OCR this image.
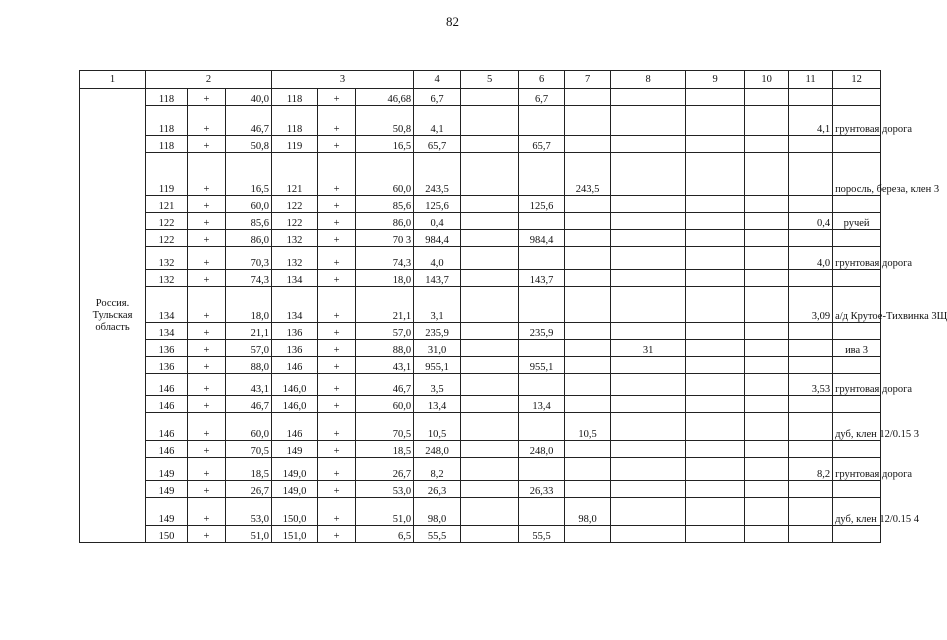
82
1	2			3			4	5	6	7	8	9	10	11	12
Россия. Тульская область	118	+	40,0	118	+	46,68	6,7		6,7						
	118	+	46,7	118	+	50,8	4,1							4,1	грунтовая дорога
	118	+	50,8	119	+	16,5	65,7		65,7						
	119	+	16,5	121	+	60,0	243,5			243,5					поросль, береза, клен 3
	121	+	60,0	122	+	85,6	125,6		125,6						
	122	+	85,6	122	+	86,0	0,4							0,4	ручей
	122	+	86,0	132	+	70 3	984,4		984,4						
	132	+	70,3	132	+	74,3	4,0							4,0	грунтовая дорога
	132	+	74,3	134	+	18,0	143,7		143,7						
	134	+	18,0	134	+	21,1	3,1							3,09	а/д Крутое-Тихвинка 3Щ
	134	+	21,1	136	+	57,0	235,9		235,9						
	136	+	57,0	136	+	88,0	31,0				31				ива 3
	136	+	88,0	146	+	43,1	955,1		955,1						
	146	+	43,1	146,0	+	46,7	3,5							3,53	грунтовая дорога
	146	+	46,7	146,0	+	60,0	13,4		13,4						
	146	+	60,0	146	+	70,5	10,5			10,5					дуб, клен 12/0.15 3
	146	+	70,5	149	+	18,5	248,0		248,0						
	149	+	18,5	149,0	+	26,7	8,2							8,2	грунтовая дорога
	149	+	26,7	149,0	+	53,0	26,3		26,33						
	149	+	53,0	150,0	+	51,0	98,0			98,0					дуб, клен 12/0.15 4
	150	+	51,0	151,0	+	6,5	55,5		55,5						
